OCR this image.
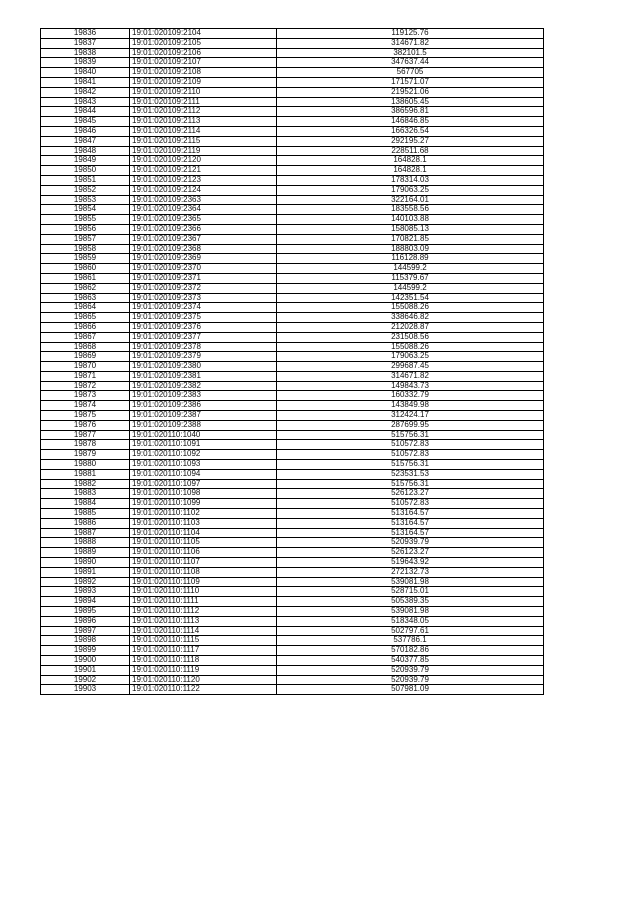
19836	19:01:020109:2104	119125.76
19837	19:01:020109:2105	314671.82
19838	19:01:020109:2106	382101.5
19839	19:01:020109:2107	347637.44
19840	19:01:020109:2108	567705
19841	19:01:020109:2109	171571.07
19842	19:01:020109:2110	219521.06
19843	19:01:020109:2111	138605.45
19844	19:01:020109:2112	386596.81
19845	19:01:020109:2113	146846.85
19846	19:01:020109:2114	166326.54
19847	19:01:020109:2115	292195.27
19848	19:01:020109:2119	228511.68
19849	19:01:020109:2120	164828.1
19850	19:01:020109:2121	164828.1
19851	19:01:020109:2123	178314.03
19852	19:01:020109:2124	179063.25
19853	19:01:020109:2363	322164.01
19854	19:01:020109:2364	183558.56
19855	19:01:020109:2365	140103.88
19856	19:01:020109:2366	158085.13
19857	19:01:020109:2367	170821.85
19858	19:01:020109:2368	188803.09
19859	19:01:020109:2369	116128.89
19860	19:01:020109:2370	144599.2
19861	19:01:020109:2371	115379.67
19862	19:01:020109:2372	144599.2
19863	19:01:020109:2373	142351.54
19864	19:01:020109:2374	155088.26
19865	19:01:020109:2375	338646.82
19866	19:01:020109:2376	212028.87
19867	19:01:020109:2377	231508.56
19868	19:01:020109:2378	155088.26
19869	19:01:020109:2379	179063.25
19870	19:01:020109:2380	299687.45
19871	19:01:020109:2381	314671.82
19872	19:01:020109:2382	149843.73
19873	19:01:020109:2383	160332.79
19874	19:01:020109:2386	143849.98
19875	19:01:020109:2387	312424.17
19876	19:01:020109:2388	287699.95
19877	19:01:020110:1040	515756.31
19878	19:01:020110:1091	510572.83
19879	19:01:020110:1092	510572.83
19880	19:01:020110:1093	515756.31
19881	19:01:020110:1094	523531.53
19882	19:01:020110:1097	515756.31
19883	19:01:020110:1098	526123.27
19884	19:01:020110:1099	510572.83
19885	19:01:020110:1102	513164.57
19886	19:01:020110:1103	513164.57
19887	19:01:020110:1104	513164.57
19888	19:01:020110:1105	520939.79
19889	19:01:020110:1106	526123.27
19890	19:01:020110:1107	519643.92
19891	19:01:020110:1108	272132.73
19892	19:01:020110:1109	539081.98
19893	19:01:020110:1110	528715.01
19894	19:01:020110:1111	505389.35
19895	19:01:020110:1112	539081.98
19896	19:01:020110:1113	518348.05
19897	19:01:020110:1114	502797.61
19898	19:01:020110:1115	537786.1
19899	19:01:020110:1117	570182.86
19900	19:01:020110:1118	540377.85
19901	19:01:020110:1119	520939.79
19902	19:01:020110:1120	520939.79
19903	19:01:020110:1122	507981.09
